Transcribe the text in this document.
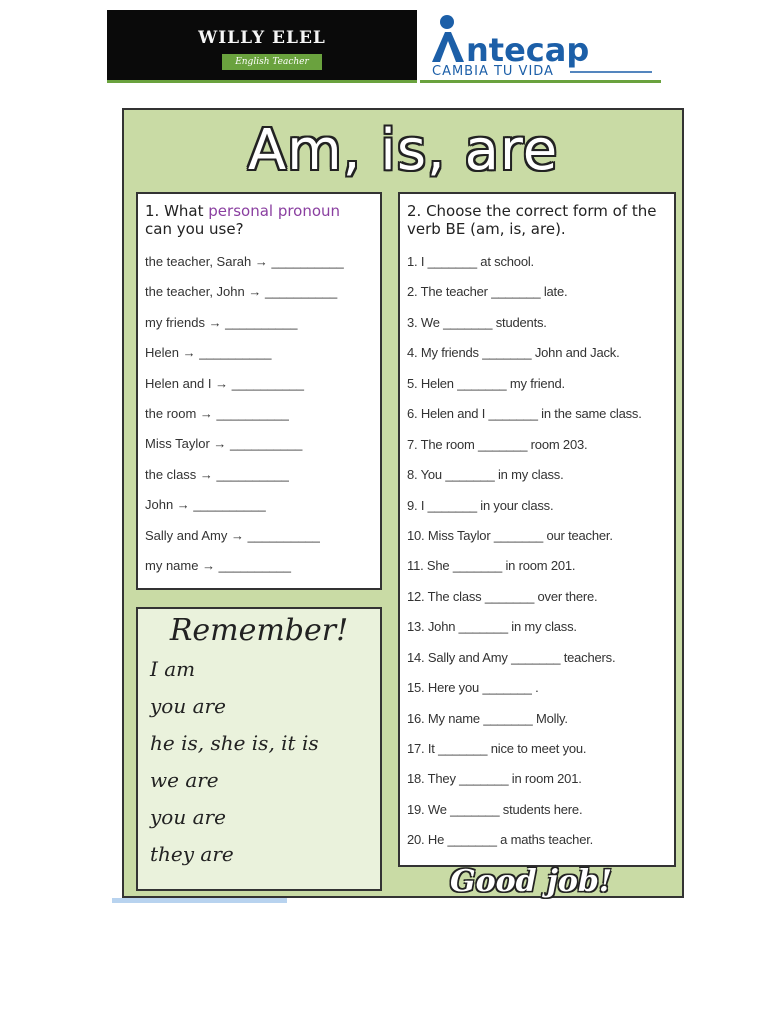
WILLY ELEL
English Teacher	ntecap
CAMBIA TU VIDA
Am, is, are
1. What personal pronoun
can you use?
the teacher, Sarah → __________
the teacher, John → __________
my friends → __________
Helen → __________
Helen and I → __________
the room → __________
Miss Taylor → __________
the class → __________
John → __________
Sally and Amy → __________
my name → __________
2. Choose the correct form of the verb BE (am, is, are).
1. I _______ at school.
2. The teacher _______ late.
3. We _______ students.
4. My friends _______ John and Jack.
5. Helen _______ my friend.
6. Helen and I _______ in the same class.
7. The room _______ room 203.
8. You _______ in my class.
9. I _______ in your class.
10. Miss Taylor _______ our teacher.
11. She _______ in room 201.
12. The class _______ over there.
13. John _______ in my class.
14. Sally and Amy _______ teachers.
15. Here you _______ .
16. My name _______ Molly.
17. It _______ nice to meet you.
18. They _______ in room 201.
19. We _______ students here.
20. He _______ a maths teacher.
Remember!
I am
you are
he is, she is, it is
we are
you are
they are
Good job!
